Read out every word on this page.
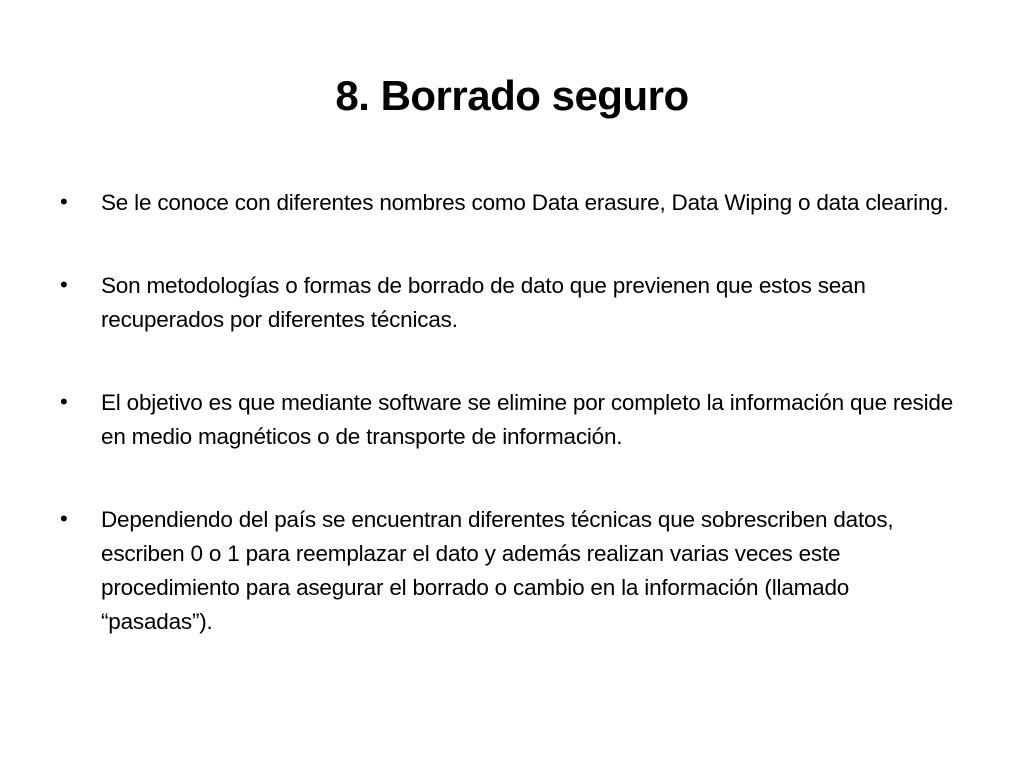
8. Borrado seguro
•	Se le conoce con diferentes nombres como Data erasure, Data Wiping o data clearing.
•	Son metodologías o formas de borrado de dato que previenen que estos sean recuperados por diferentes técnicas.
•	El objetivo es que mediante software se elimine por completo la información que reside en medio magnéticos o de transporte de información.
•	Dependiendo del país se encuentran diferentes técnicas que sobrescriben datos, escriben 0 o 1 para reemplazar el dato y además realizan varias veces este procedimiento para asegurar el borrado o cambio en la información (llamado “pasadas”).
